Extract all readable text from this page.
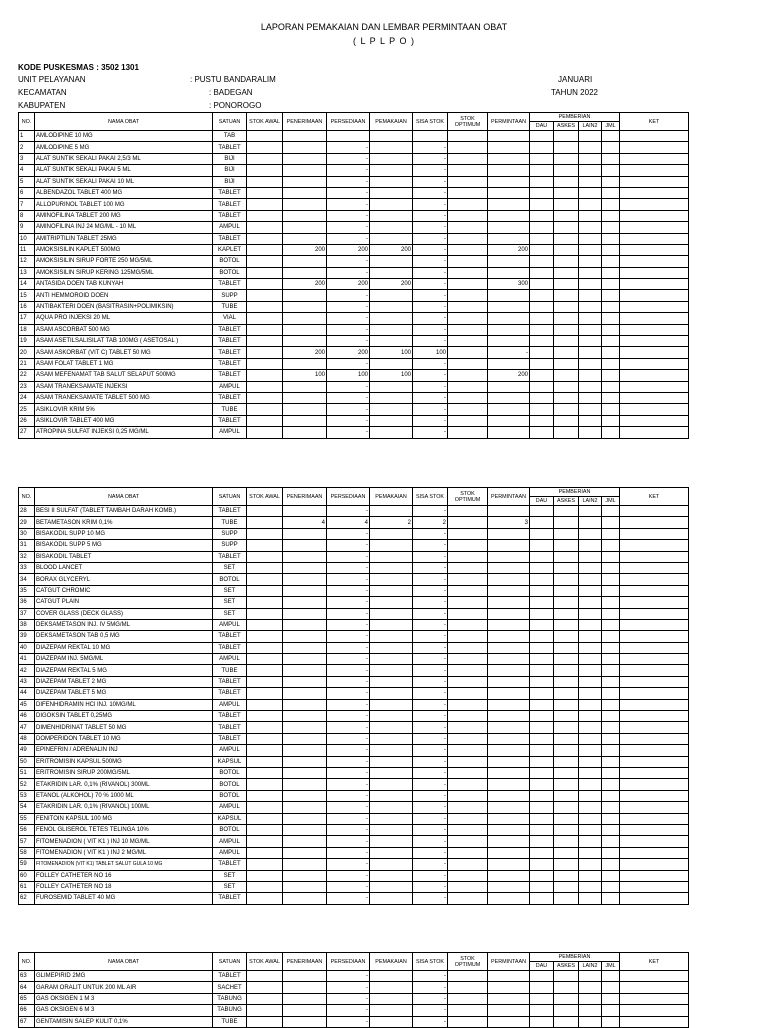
LAPORAN PEMAKAIAN DAN LEMBAR PERMINTAAN OBAT
( L P L P O )
KODE PUSKESMAS : 3502 1301
UNIT PELAYANAN	: PUSTU BANDARALIM
KECAMATAN	: BADEGAN
KABUPATEN	: PONOROGO
JANUARI
TAHUN 2022
NO.	NAMA OBAT	SATUAN	STOK AWAL	PENERIMAAN	PERSEDIAAN	PEMAKAIAN	SISA STOK	STOK OPTIMUM	PERMINTAAN	PEMBERIAN				KET
										DAU	ASKES	LAIN2	JML	
1	AMLODIPINE 10 MG	TAB												
2	AMLODIPINE 5 MG	TABLET			-		-							
3	ALAT SUNTIK SEKALI PAKAI 2,5/3 ML	BIJI			-		-							
4	ALAT SUNTIK SEKALI PAKAI 5 ML	BIJI			-		-							
5	ALAT SUNTIK SEKALI PAKAI 10 ML	BIJI			-		-							
6	ALBENDAZOL TABLET 400 MG	TABLET			-		-							
7	ALLOPURINOL TABLET 100 MG	TABLET			-		-							
8	AMINOFILINA TABLET 200 MG	TABLET			-		-							
9	AMINOFILINA INJ 24 MG/ML - 10 ML	AMPUL			-		-							
10	AMITRIPTILIN TABLET 25MG	TABLET			-		-							
11	AMOKSISILIN KAPLET 500MG	KAPLET		200	200	200	-		200					
12	AMOKSISILIN SIRUP FORTE 250 MG/5ML	BOTOL			-		-							
13	AMOKSISILIN SIRUP KERING 125MG/5ML	BOTOL			-		-							
14	ANTASIDA DOEN TAB KUNYAH	TABLET		200	200	200	-		300					
15	ANTI HEMMOROID DOEN	SUPP			-		-							
16	ANTIBAKTERI DOEN (BASITRASIN+POLIMIKSIN)	TUBE			-		-							
17	AQUA PRO INJEKSI 20 ML	VIAL			-		-							
18	ASAM ASCORBAT 500 MG	TABLET			-		-							
19	ASAM ASETILSALISILAT TAB 100MG ( ASETOSAL )	TABLET			-		-							
20	ASAM ASKORBAT (VIT C) TABLET 50 MG	TABLET		200	200	100	100		-					
21	ASAM FOLAT TABLET 1 MG	TABLET			-		-							
22	ASAM MEFENAMAT TAB SALUT SELAPUT 500MG	TABLET		100	100	100	-		200					
23	ASAM TRANEKSAMATE INJEKSI	AMPUL			-		-							
24	ASAM TRANEKSAMATE TABLET 500 MG	TABLET			-		-							
25	ASIKLOVIR KRIM 5%	TUBE			-		-							
26	ASIKLOVIR TABLET 400 MG	TABLET			-		-							
27	ATROPINA SULFAT INJEKSI 0,25 MG/ML	AMPUL			-		-							
NO.	NAMA OBAT	SATUAN	STOK AWAL	PENERIMAAN	PERSEDIAAN	PEMAKAIAN	SISA STOK	STOK OPTIMUM	PERMINTAAN	PEMBERIAN				KET
										DAU	ASKES	LAIN2	JML	
28	BESI II SULFAT (TABLET TAMBAH DARAH KOMB.)	TABLET			-		-							
29	BETAMETASON KRIM 0,1%	TUBE		4	4	2	2		3					
30	BISAKODIL SUPP 10 MG	SUPP			-		-							
31	BISAKODIL SUPP 5 MG	SUPP			-		-							
32	BISAKODIL TABLET	TABLET			-		-							
33	BLOOD LANCET	SET			-		-							
34	BORAX GLYCERYL	BOTOL			-		-							
35	CATGUT CHROMIC	SET			-		-							
36	CATGUT PLAIN	SET			-		-							
37	COVER GLASS (DECK GLASS)	SET			-		-							
38	DEKSAMETASON INJ. IV 5MG/ML	AMPUL			-		-							
39	DEKSAMETASON TAB 0,5 MG	TABLET			-		-							
40	DIAZEPAM REKTAL 10 MG	TABLET			-		-							
41	DIAZEPAM INJ. 5MG/ML	AMPUL			-		-							
42	DIAZEPAM REKTAL 5 MG	TUBE			-		-							
43	DIAZEPAM TABLET 2 MG	TABLET			-		-							
44	DIAZEPAM TABLET 5 MG	TABLET			-		-							
45	DIFENHIDRAMIN HCl INJ. 10MG/ML	AMPUL			-		-							
46	DIGOKSIN TABLET 0,25MG	TABLET			-		-							
47	DIMENHIDRINAT TABLET 50 MG	TABLET			-		-							
48	DOMPERIDON TABLET 10 MG	TABLET			-		-							
49	EPINEFRIN / ADRENALIN INJ	AMPUL			-		-							
50	ERITROMISIN KAPSUL 500MG	KAPSUL			-		-							
51	ERITROMISIN SIRUP 200MG/5ML	BOTOL			-		-							
52	ETAKRIDIN LAR. 0,1% (RIVANOL) 300ML	BOTOL			-		-							
53	ETANOL (ALKOHOL) 70 % 1000 ML	BOTOL			-		-							
54	ETAKRIDIN LAR. 0,1% (RIVANOL) 100ML	AMPUL			-		-							
55	FENITOIN KAPSUL 100 MG	KAPSUL			-		-							
56	FENOL GLISEROL TETES TELINGA 10%	BOTOL			-		-							
57	FITOMENADION ( VIT K1 ) INJ 10 MG/ML	AMPUL			-		-							
58	FITOMENADION ( VIT K1 ) INJ 2 MG/ML	AMPUL			-		-							
59	FITOMENADION (VIT K1) TABLET SALUT GULA 10 MG	TABLET			-		-							
60	FOLLEY CATHETER NO 16	SET			-		-							
61	FOLLEY CATHETER NO 18	SET			-		-							
62	FUROSEMID TABLET 40 MG	TABLET			-		-							
NO.	NAMA OBAT	SATUAN	STOK AWAL	PENERIMAAN	PERSEDIAAN	PEMAKAIAN	SISA STOK	STOK OPTIMUM	PERMINTAAN	PEMBERIAN				KET
										DAU	ASKES	LAIN2	JML	
63	GLIMEPIRID 2MG	TABLET			-		-							
64	GARAM ORALIT UNTUK 200 ML AIR	SACHET			-		-							
65	GAS OKSIGEN 1 M 3	TABUNG			-		-							
66	GAS OKSIGEN 6 M 3	TABUNG			-		-							
67	GENTAMISIN SALEP KULIT 0,1%	TUBE			-		-							
